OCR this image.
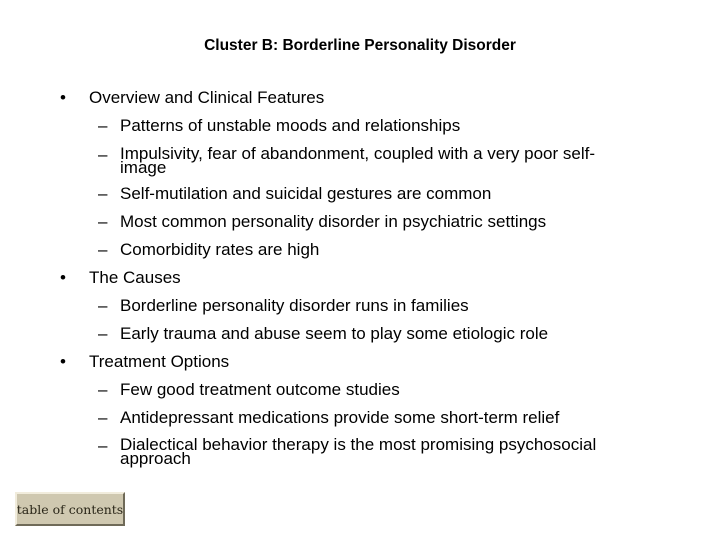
Cluster B: Borderline Personality Disorder
• Overview and Clinical Features
– Patterns of unstable moods and relationships
– Impulsivity, fear of abandonment, coupled with a very poor self-image
– Self-mutilation and suicidal gestures are common
– Most common personality disorder in psychiatric settings
– Comorbidity rates are high
• The Causes
– Borderline personality disorder runs in families
– Early trauma and abuse seem to play some etiologic role
• Treatment Options
– Few good treatment outcome studies
– Antidepressant medications provide some short-term relief
– Dialectical behavior therapy is the most promising psychosocial approach
table of contents
